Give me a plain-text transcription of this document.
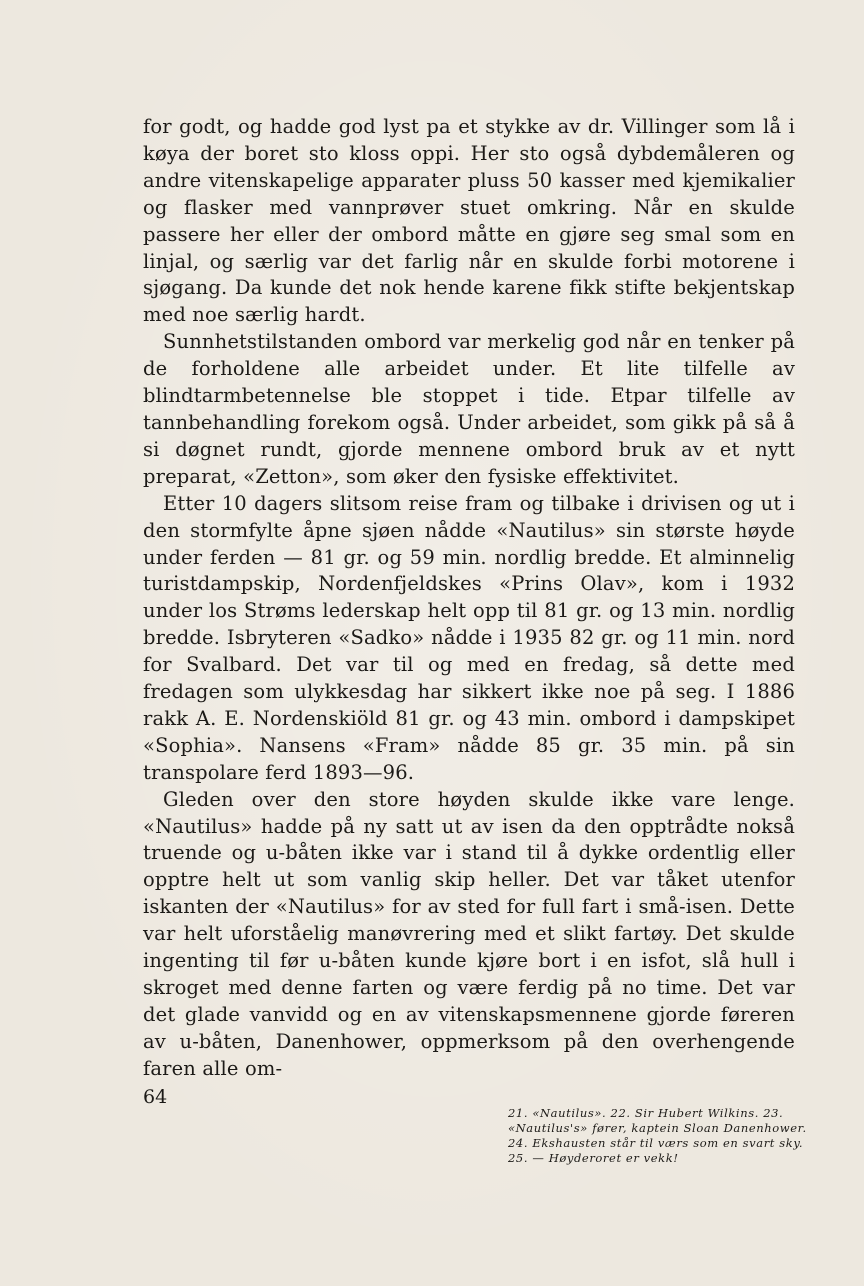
for godt, og hadde god lyst pa et stykke av dr. Villinger som lå i køya der boret sto kloss oppi. Her sto også dybdemåleren og andre vitenskapelige apparater pluss 50 kasser med kjemikalier og flasker med vannprøver stuet omkring. Når en skulde passere her eller der ombord måtte en gjøre seg smal som en linjal, og særlig var det farlig når en skulde forbi motorene i sjøgang. Da kunde det nok hende karene fikk stifte bekjentskap med noe særlig hardt.

Sunnhetstilstanden ombord var merkelig god når en tenker på de forholdene alle arbeidet under. Et lite tilfelle av blindtarmbetennelse ble stoppet i tide. Etpar tilfelle av tannbehandling forekom også. Under arbeidet, som gikk på så å si døgnet rundt, gjorde mennene ombord bruk av et nytt preparat, «Zetton», som øker den fysiske effektivitet.

Etter 10 dagers slitsom reise fram og tilbake i drivisen og ut i den stormfylte åpne sjøen nådde «Nautilus» sin største høyde under ferden — 81 gr. og 59 min. nordlig bredde. Et alminnelig turistdampskip, Nordenfjeldskes «Prins Olav», kom i 1932 under los Strøms lederskap helt opp til 81 gr. og 13 min. nordlig bredde. Isbryteren «Sadko» nådde i 1935 82 gr. og 11 min. nord for Svalbard. Det var til og med en fredag, så dette med fredagen som ulykkesdag har sikkert ikke noe på seg. I 1886 rakk A. E. Nordenskiöld 81 gr. og 43 min. ombord i dampskipet «Sophia». Nansens «Fram» nådde 85 gr. 35 min. på sin transpolare ferd 1893—96.

Gleden over den store høyden skulde ikke vare lenge. «Nautilus» hadde på ny satt ut av isen da den opptrådte nokså truende og u-båten ikke var i stand til å dykke ordentlig eller opptre helt ut som vanlig skip heller. Det var tåket utenfor iskanten der «Nautilus» for av sted for full fart i små-isen. Dette var helt uforståelig manøvrering med et slikt fartøy. Det skulde ingenting til før u-båten kunde kjøre bort i en isfot, slå hull i skroget med denne farten og være ferdig på no time. Det var det glade vanvidd og en av vitenskapsmennene gjorde føreren av u-båten, Danenhower, oppmerksom på den overhengende faren alle om-

64

21. «Nautilus». 22. Sir Hubert Wilkins. 23.

«Nautilus's» fører, kaptein Sloan Danenhower.

24. Ekshausten står til værs som en svart sky.

25. — Høyderoret er vekk!
